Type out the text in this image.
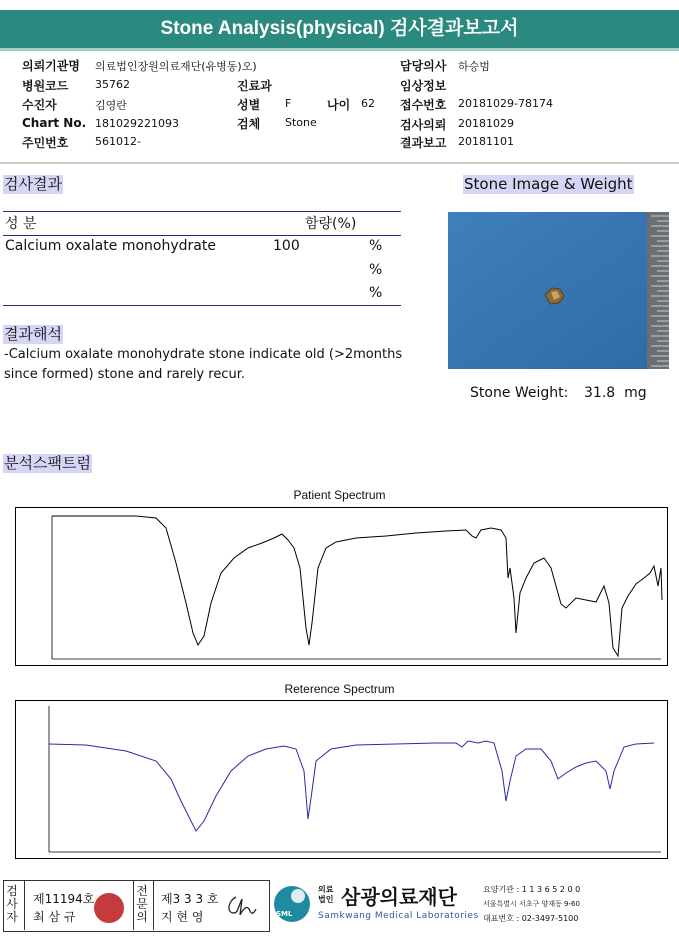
Stone Analysis(physical) 검사결과보고서
의뢰기관명 의료법인장원의료재단(유병동)오)
병원코드 35762
수진자	김영란
Chart No. 181029221093
주민번호 561012-
진료과
성별 F	나이 62
검체 Stone
담당의사 하승범
임상정보
접수번호 20181029-78174
검사의뢰 20181029
결과보고 20181101
검사결과
성 분	함량(%)
Calcium oxalate monohydrate	100	%
%
%
결과해석
-Calcium oxalate monohydrate stone indicate old (>2months
since formed) stone and rarely recur.
Stone Image & Weight
Stone Weight: 31.8  mg
분석스팩트럼
Patient Spectrum
Reterence Spectrum
검사자
제11194호
최 삼 규
전문의
제3 3 3 호
지 현 영	SML
의료
법인 삼광의료재단
Samkwang Medical Laboratories
요양기관 : 1 1 3 6 5 2 0 0
서울특별시 서초구 양재동 9-60
대표번호 : 02-3497-5100
